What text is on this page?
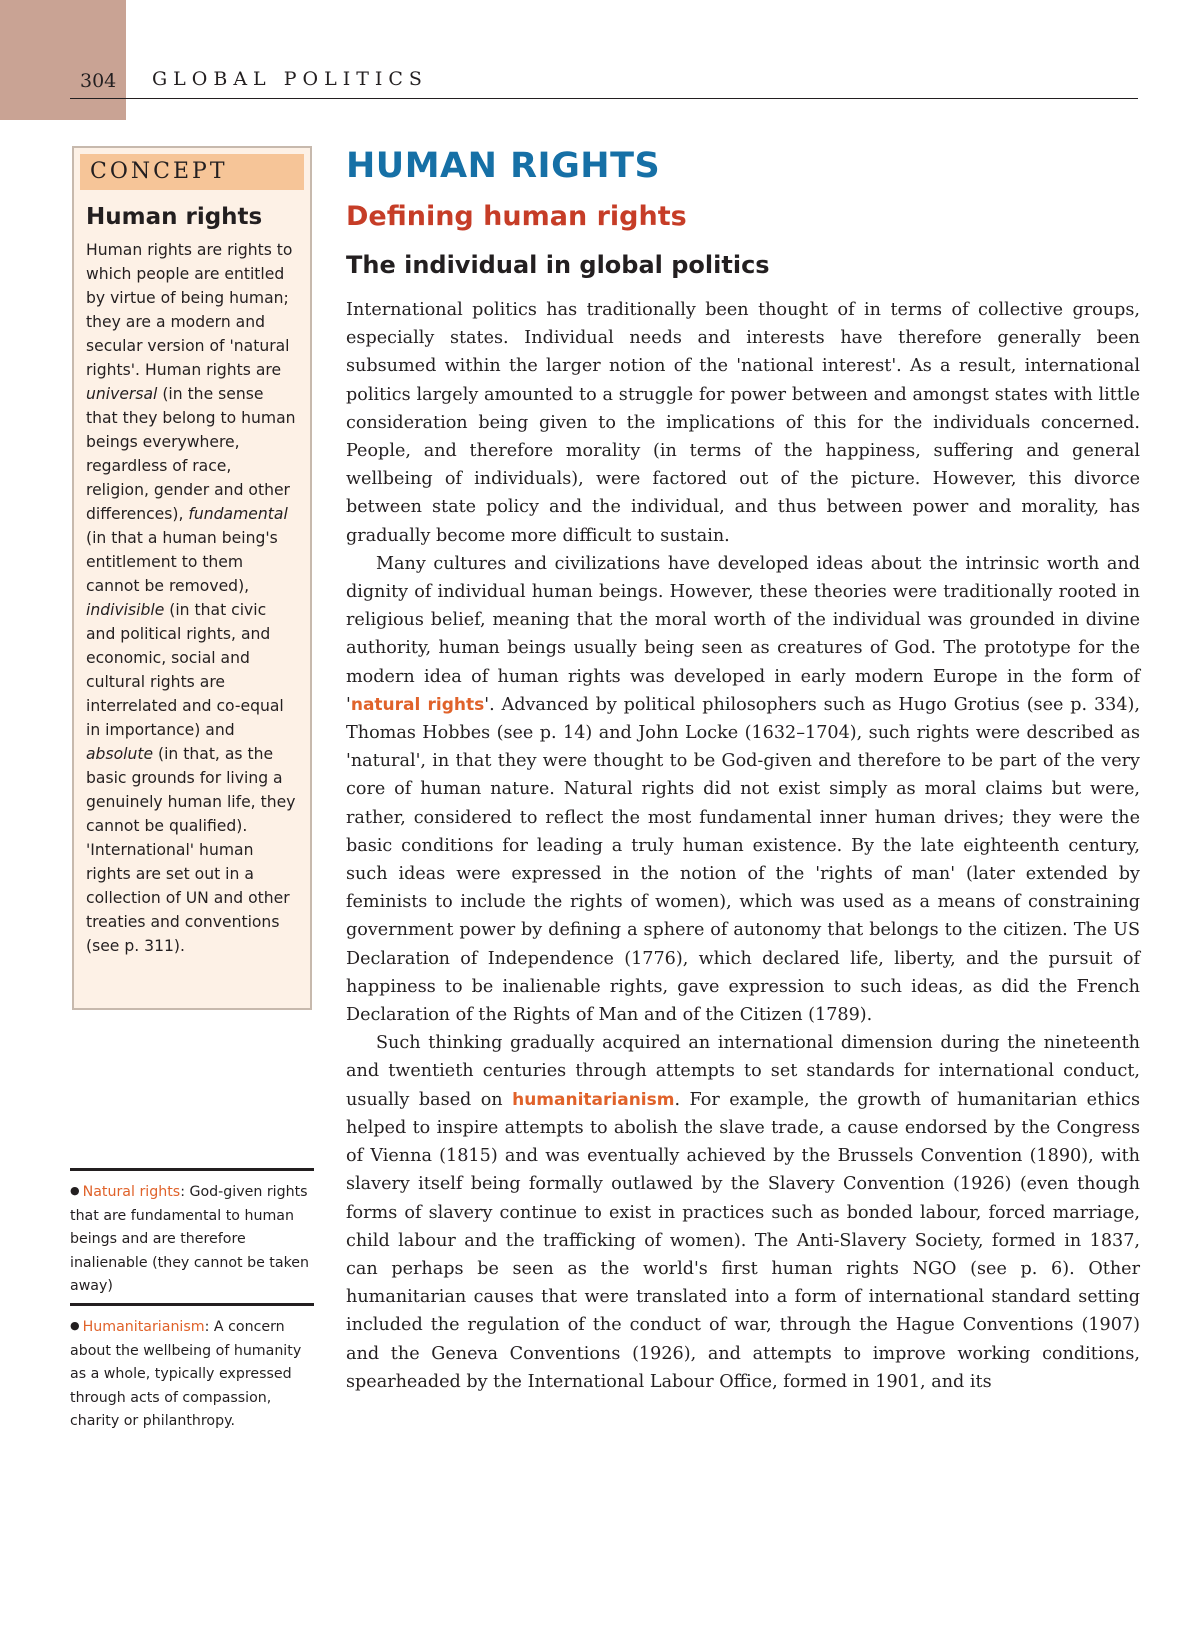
304 GLOBAL POLITICS
CONCEPT
Human rights
Human rights are rights to which people are entitled by virtue of being human; they are a modern and secular version of 'natural rights'. Human rights are universal (in the sense that they belong to human beings everywhere, regardless of race, religion, gender and other differences), fundamental (in that a human being's entitlement to them cannot be removed), indivisible (in that civic and political rights, and economic, social and cultural rights are interrelated and co-equal in importance) and absolute (in that, as the basic grounds for living a genuinely human life, they cannot be qualified). 'International' human rights are set out in a collection of UN and other treaties and conventions (see p. 311).
● Natural rights: God-given rights that are fundamental to human beings and are therefore inalienable (they cannot be taken away)
● Humanitarianism: A concern about the wellbeing of humanity as a whole, typically expressed through acts of compassion, charity or philanthropy.
HUMAN RIGHTS
Defining human rights
The individual in global politics

International politics has traditionally been thought of in terms of collective groups, especially states. Individual needs and interests have therefore generally been subsumed within the larger notion of the 'national interest'. As a result, international politics largely amounted to a struggle for power between and amongst states with little consideration being given to the implications of this for the individuals concerned. People, and therefore morality (in terms of the happiness, suffering and general wellbeing of individuals), were factored out of the picture. However, this divorce between state policy and the individual, and thus between power and morality, has gradually become more difficult to sustain.

Many cultures and civilizations have developed ideas about the intrinsic worth and dignity of individual human beings. However, these theories were traditionally rooted in religious belief, meaning that the moral worth of the individual was grounded in divine authority, human beings usually being seen as creatures of God. The prototype for the modern idea of human rights was developed in early modern Europe in the form of 'natural rights'. Advanced by political philosophers such as Hugo Grotius (see p. 334), Thomas Hobbes (see p. 14) and John Locke (1632–1704), such rights were described as 'natural', in that they were thought to be God-given and therefore to be part of the very core of human nature. Natural rights did not exist simply as moral claims but were, rather, considered to reflect the most fundamental inner human drives; they were the basic conditions for leading a truly human existence. By the late eighteenth century, such ideas were expressed in the notion of the 'rights of man' (later extended by feminists to include the rights of women), which was used as a means of constraining government power by defining a sphere of autonomy that belongs to the citizen. The US Declaration of Independence (1776), which declared life, liberty, and the pursuit of happiness to be inalienable rights, gave expression to such ideas, as did the French Declaration of the Rights of Man and of the Citizen (1789).

Such thinking gradually acquired an international dimension during the nineteenth and twentieth centuries through attempts to set standards for international conduct, usually based on humanitarianism. For example, the growth of humanitarian ethics helped to inspire attempts to abolish the slave trade, a cause endorsed by the Congress of Vienna (1815) and was eventually achieved by the Brussels Convention (1890), with slavery itself being formally outlawed by the Slavery Convention (1926) (even though forms of slavery continue to exist in practices such as bonded labour, forced marriage, child labour and the trafficking of women). The Anti-Slavery Society, formed in 1837, can perhaps be seen as the world's first human rights NGO (see p. 6). Other humanitarian causes that were translated into a form of international standard setting included the regulation of the conduct of war, through the Hague Conventions (1907) and the Geneva Conventions (1926), and attempts to improve working conditions, spearheaded by the International Labour Office, formed in 1901, and its
